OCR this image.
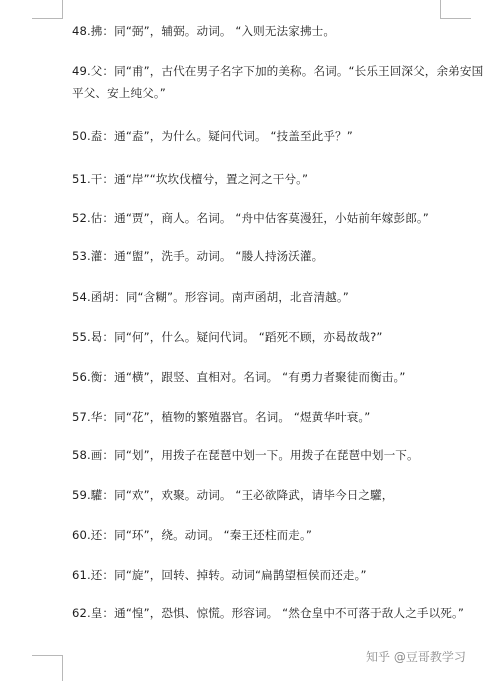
48.拂：同“弼”，辅弼。动词。 “入则无法家拂士。
49.父：同“甫”，古代在男子名字下加的美称。名词。“长乐王回深父，余弟安国平父、安上纯父。”
50.盍：通“盍”，为什么。疑问代词。 “技盖至此乎？”
51.干：通“岸”“坎坎伐檀兮，置之河之干兮。”
52.估：通“贾”，商人。名词。 “舟中估客莫漫狂，小姑前年嫁彭郎。”
53.灌：通“盥”，洗手。动词。 “媵人持汤沃灌。
54.函胡：同“含糊”。形容词。南声函胡，北音清越。”
55.曷：同“何”，什么。疑问代词。 “蹈死不顾，亦曷故哉?”
56.衡：通“横”，跟竖、直相对。名词。 “有勇力者聚徒而衡击。”
57.华：同“花”，植物的繁殖器官。名词。 “煜黄华叶衰。”
58.画：同“划”，用拨子在琵琶中划一下。用拨子在琵琶中划一下。
59.驩：同“欢”，欢聚。动词。 “王必欲降武，请毕今日之驩，
60.还：同“环”，绕。动词。 “秦王还柱而走。”
61.还：同“旋”，回转、掉转。动词“扁鹊望桓侯而还走。”
62.皇：通“惶”，恐惧、惊慌。形容词。 “然仓皇中不可落于敌人之手以死。”
知乎 @豆哥教学习
